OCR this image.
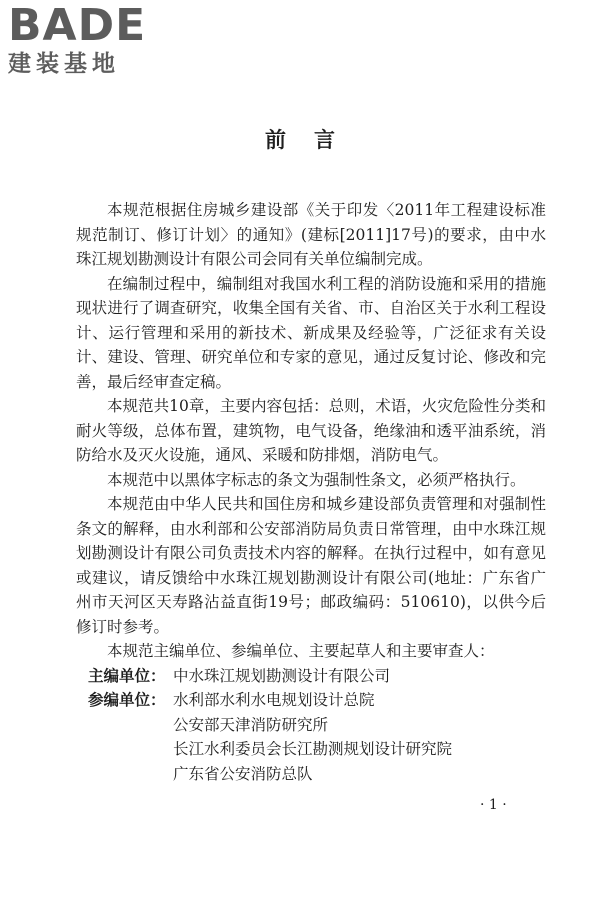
BADE
建装基地
前言

本规范根据住房城乡建设部《关于印发〈2011年工程建设标准规范制订、修订计划〉的通知》(建标[2011]17号)的要求，由中水珠江规划勘测设计有限公司会同有关单位编制完成。

在编制过程中，编制组对我国水利工程的消防设施和采用的措施现状进行了调查研究，收集全国有关省、市、自治区关于水利工程设计、运行管理和采用的新技术、新成果及经验等，广泛征求有关设计、建设、管理、研究单位和专家的意见，通过反复讨论、修改和完善，最后经审查定稿。

本规范共10章，主要内容包括：总则，术语，火灾危险性分类和耐火等级，总体布置，建筑物，电气设备，绝缘油和透平油系统，消防给水及灭火设施，通风、采暖和防排烟，消防电气。

本规范中以黑体字标志的条文为强制性条文，必须严格执行。

本规范由中华人民共和国住房和城乡建设部负责管理和对强制性条文的解释，由水利部和公安部消防局负责日常管理，由中水珠江规划勘测设计有限公司负责技术内容的解释。在执行过程中，如有意见或建议，请反馈给中水珠江规划勘测设计有限公司(地址：广东省广州市天河区天寿路沾益直街19号；邮政编码：510610)，以供今后修订时参考。

本规范主编单位、参编单位、主要起草人和主要审查人：

主编单位： 中水珠江规划勘测设计有限公司
参编单位： 水利部水利水电规划设计总院
公安部天津消防研究所
长江水利委员会长江勘测规划设计研究院
广东省公安消防总队
· 1 ·
